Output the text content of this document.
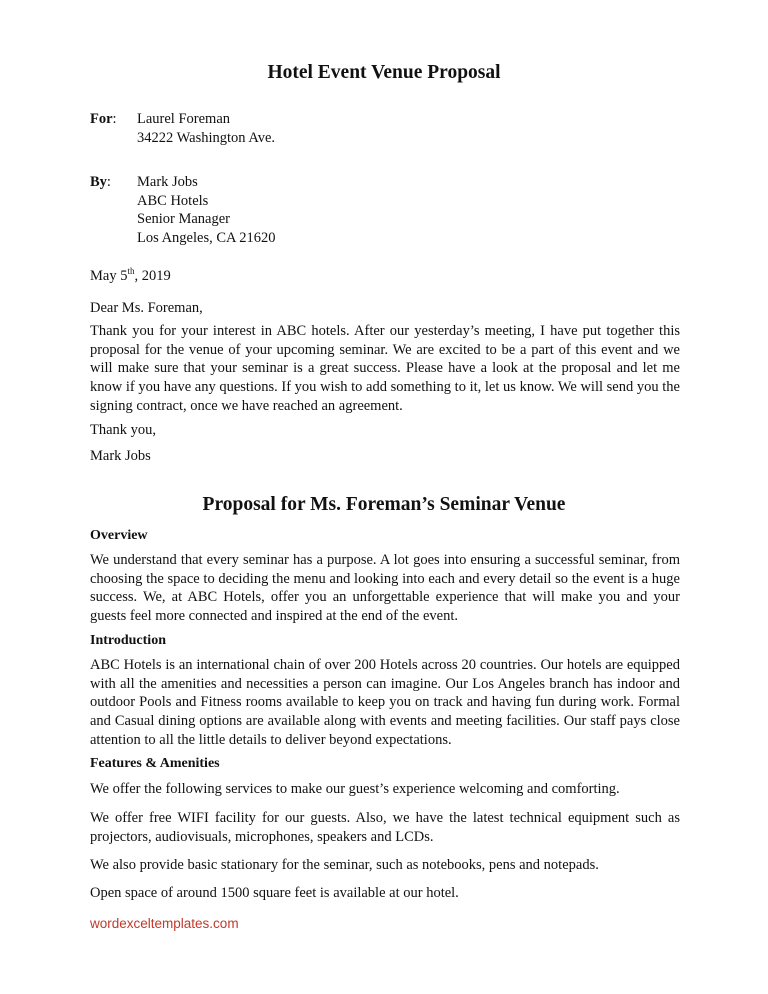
Hotel Event Venue Proposal
For: Laurel Foreman
34222 Washington Ave.
By: Mark Jobs
ABC Hotels
Senior Manager
Los Angeles, CA 21620
May 5th, 2019
Dear Ms. Foreman,
Thank you for your interest in ABC hotels. After our yesterday’s meeting, I have put together this proposal for the venue of your upcoming seminar. We are excited to be a part of this event and we will make sure that your seminar is a great success. Please have a look at the proposal and let me know if you have any questions. If you wish to add something to it, let us know. We will send you the signing contract, once we have reached an agreement.
Thank you,
Mark Jobs
Proposal for Ms. Foreman’s Seminar Venue
Overview
We understand that every seminar has a purpose. A lot goes into ensuring a successful seminar, from choosing the space to deciding the menu and looking into each and every detail so the event is a huge success. We, at ABC Hotels, offer you an unforgettable experience that will make you and your guests feel more connected and inspired at the end of the event.
Introduction
ABC Hotels is an international chain of over 200 Hotels across 20 countries. Our hotels are equipped with all the amenities and necessities a person can imagine. Our Los Angeles branch has indoor and outdoor Pools and Fitness rooms available to keep you on track and having fun during work. Formal and Casual dining options are available along with events and meeting facilities. Our staff pays close attention to all the little details to deliver beyond expectations.
Features & Amenities
We offer the following services to make our guest’s experience welcoming and comforting.
We offer free WIFI facility for our guests. Also, we have the latest technical equipment such as projectors, audiovisuals, microphones, speakers and LCDs.
We also provide basic stationary for the seminar, such as notebooks, pens and notepads.
Open space of around 1500 square feet is available at our hotel.
wordexceltemplates.com
